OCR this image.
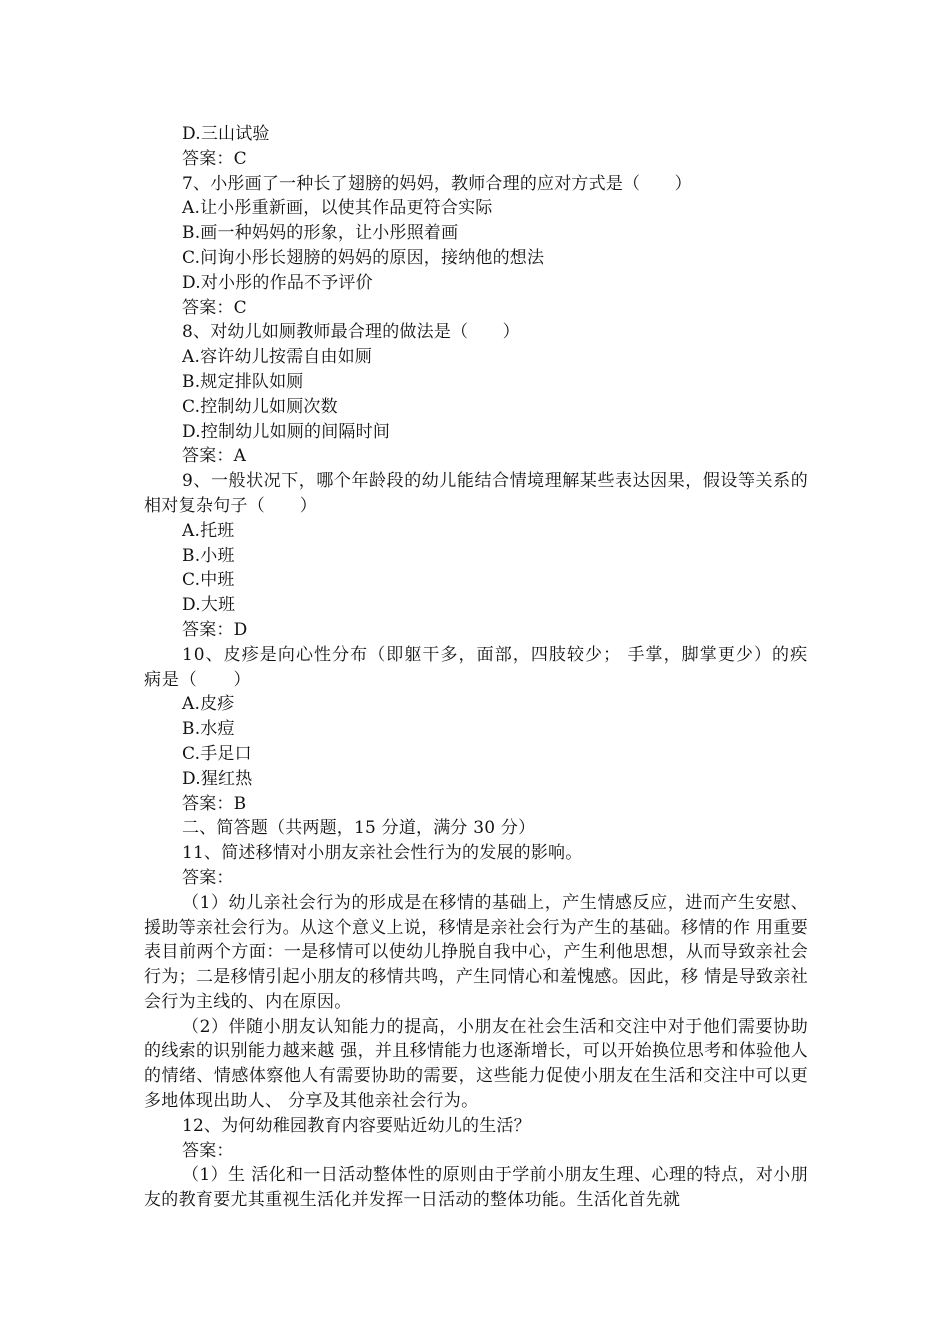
D.三山试验
答案：C
7、小彤画了一种长了翅膀的妈妈，教师合理的应对方式是（　　）
A.让小彤重新画，以使其作品更符合实际
B.画一种妈妈的形象，让小彤照着画
C.问询小彤长翅膀的妈妈的原因，接纳他的想法
D.对小彤的作品不予评价
答案：C
8、对幼儿如厕教师最合理的做法是（　　）
A.容许幼儿按需自由如厕
B.规定排队如厕
C.控制幼儿如厕次数
D.控制幼儿如厕的间隔时间
答案：A
9、一般状况下，哪个年龄段的幼儿能结合情境理解某些表达因果，假设等关系的相对复杂句子（　　）
A.托班
B.小班
C.中班
D.大班
答案：D
10、皮疹是向心性分布（即躯干多，面部，四肢较少； 手掌，脚掌更少）的疾病是（　　）
A.皮疹
B.水痘
C.手足口
D.猩红热
答案：B
二、简答题（共两题，15 分道，满分 30 分）
11、简述移情对小朋友亲社会性行为的发展的影响。
答案：
（1）幼儿亲社会行为的形成是在移情的基础上，产生情感反应，进而产生安慰、援助等亲社会行为。从这个意义上说，移情是亲社会行为产生的基础。移情的作 用重要表目前两个方面：一是移情可以使幼儿挣脱自我中心，产生利他思想，从而导致亲社会行为；二是移情引起小朋友的移情共鸣，产生同情心和羞愧感。因此，移 情是导致亲社会行为主线的、内在原因。
（2）伴随小朋友认知能力的提高，小朋友在社会生活和交注中对于他们需要协助的线索的识别能力越来越 强，并且移情能力也逐渐增长，可以开始换位思考和体验他人的情绪、情感体察他人有需要协助的需要，这些能力促使小朋友在生活和交注中可以更多地体现出助人、 分享及其他亲社会行为。
12、为何幼稚园教育内容要贴近幼儿的生活？
答案：
（1）生 活化和一日活动整体性的原则由于学前小朋友生理、心理的特点，对小朋友的教育要尤其重视生活化并发挥一日活动的整体功能。生活化首先就
